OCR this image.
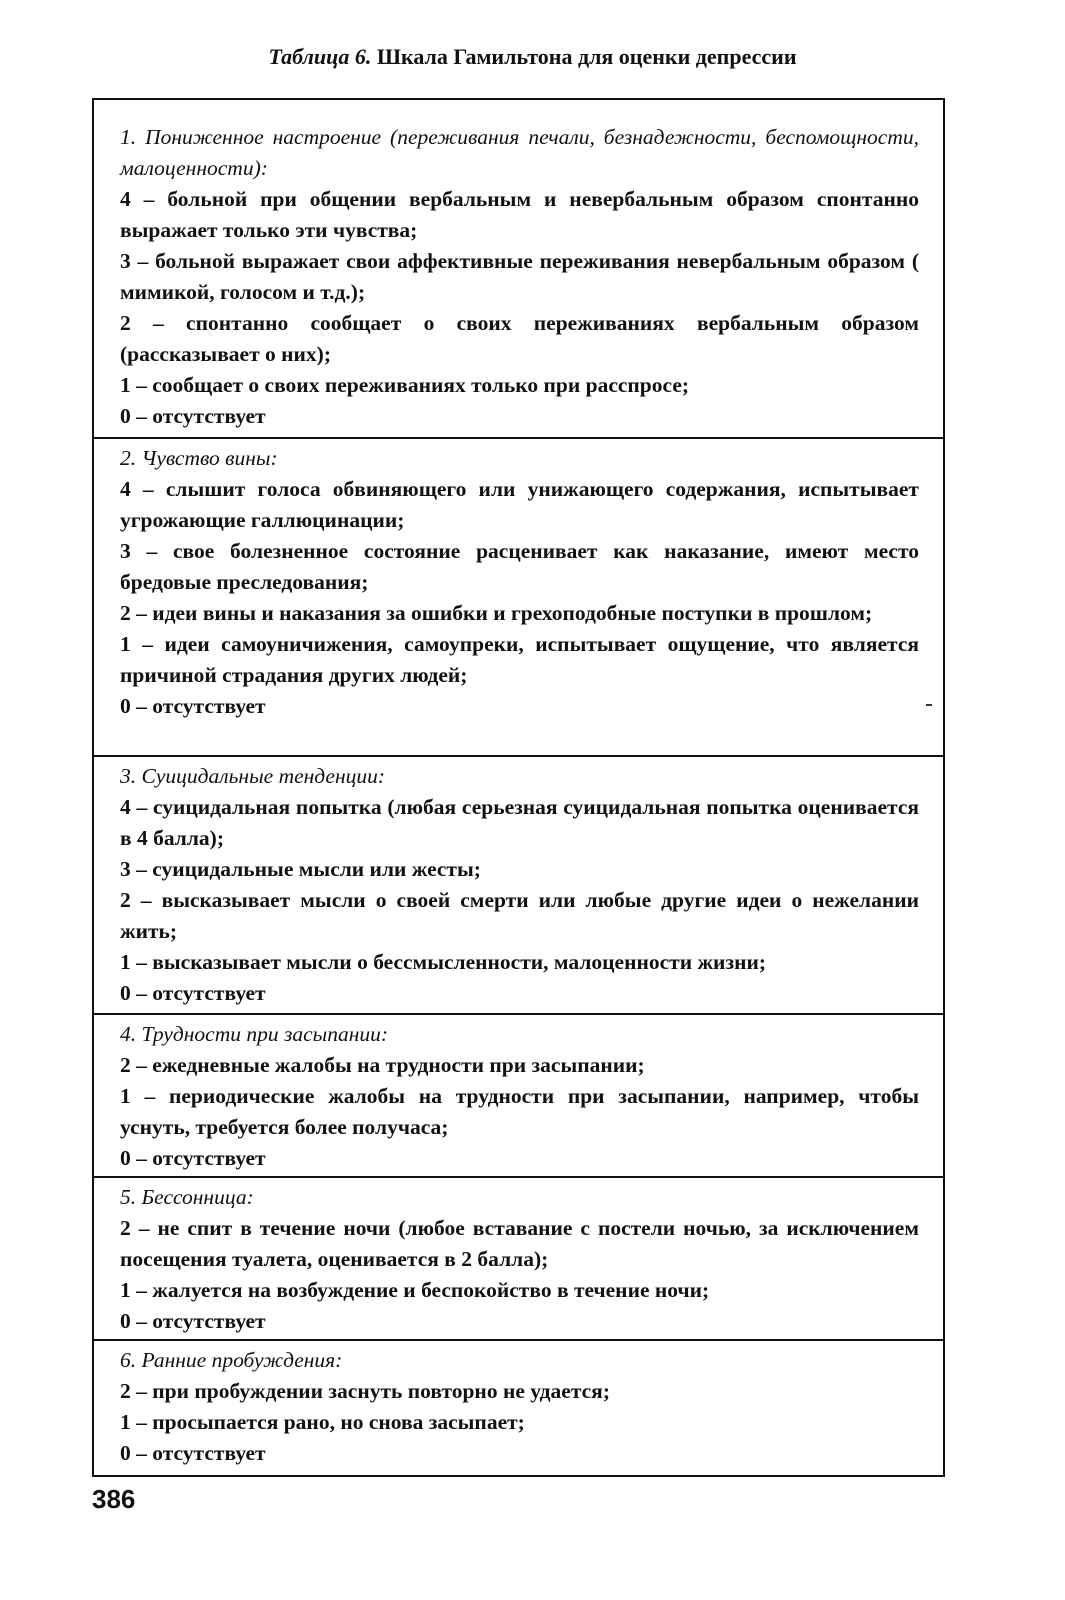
Таблица 6. Шкала Гамильтона для оценки депрессии
1. Пониженное настроение (переживания печали, безнадежности, беспомощности, малоценности):
4 – больной при общении вербальным и невербальным образом спонтанно выражает только эти чувства;
3 – больной выражает свои аффективные переживания невербальным образом ( мимикой, голосом и т.д.);
2 – спонтанно сообщает о своих переживаниях вербальным образом (рассказывает о них);
1 – сообщает о своих переживаниях только при расспросе;
0 – отсутствует
2. Чувство вины:
4 – слышит голоса обвиняющего или унижающего содержания, испытывает угрожающие галлюцинации;
3 – свое болезненное состояние расценивает как наказание, имеют место бредовые преследования;
2 – идеи вины и наказания за ошибки и грехоподобные поступки в прошлом;
1 – идеи самоуничижения, самоупреки, испытывает ощущение, что является причиной страдания других людей;
0 – отсутствует
3. Суицидальные тенденции:
4 – суицидальная попытка (любая серьезная суицидальная попытка оценивается в 4 балла);
3 – суицидальные мысли или жесты;
2 – высказывает мысли о своей смерти или любые другие идеи о нежелании жить;
1 – высказывает мысли о бессмысленности, малоценности жизни;
0 – отсутствует
4. Трудности при засыпании:
2 – ежедневные жалобы на трудности при засыпании;
1 – периодические жалобы на трудности при засыпании, например, чтобы уснуть, требуется более получаса;
0 – отсутствует
5. Бессонница:
2 – не спит в течение ночи (любое вставание с постели ночью, за исключением посещения туалета, оценивается в 2 балла);
1 – жалуется на возбуждение и беспокойство в течение ночи;
0 – отсутствует
6. Ранние пробуждения:
2 – при пробуждении заснуть повторно не удается;
1 – просыпается рано, но снова засыпает;
0 – отсутствует
386
